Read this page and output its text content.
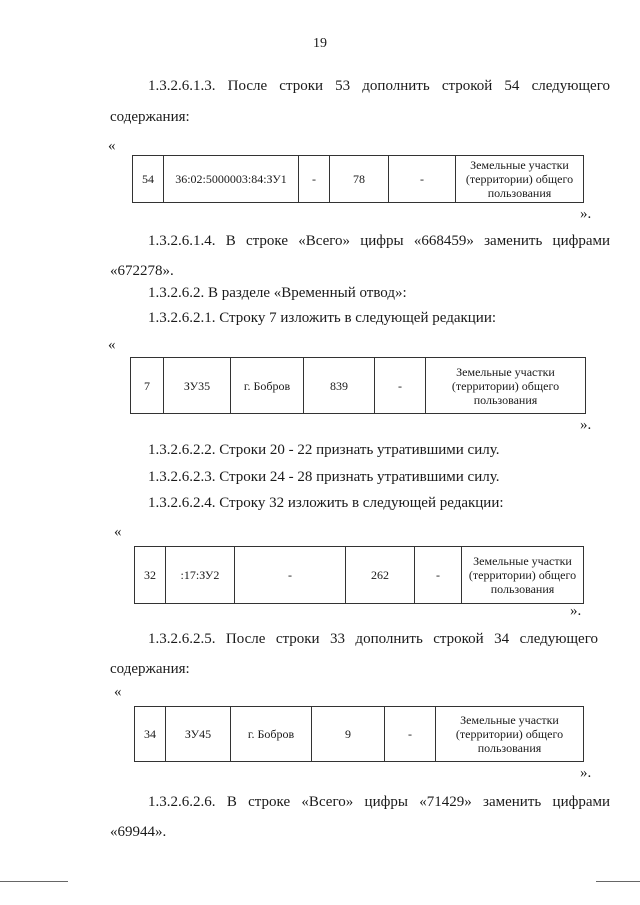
19
1.3.2.6.1.3. После строки 53 дополнить строкой 54 следующего
содержания:
«
54	36:02:5000003:84:ЗУ1	-	78	-	Земельные участки (территории) общего пользования
».
1.3.2.6.1.4. В строке «Всего» цифры «668459» заменить цифрами
«672278».
1.3.2.6.2. В разделе «Временный отвод»:
1.3.2.6.2.1. Строку 7 изложить в следующей редакции:
«
7	ЗУ35	г. Бобров	839	-	Земельные участки (территории) общего пользования
».
1.3.2.6.2.2. Строки 20 - 22 признать утратившими силу.
1.3.2.6.2.3. Строки 24 - 28 признать утратившими силу.
1.3.2.6.2.4. Строку 32 изложить в следующей редакции:
«
32	:17:ЗУ2	-	262	-	Земельные участки (территории) общего пользования
».
1.3.2.6.2.5. После строки 33 дополнить строкой 34 следующего
содержания:
«
34	ЗУ45	г. Бобров	9	-	Земельные участки (территории) общего пользования
».
1.3.2.6.2.6. В строке «Всего» цифры «71429» заменить цифрами
«69944».
